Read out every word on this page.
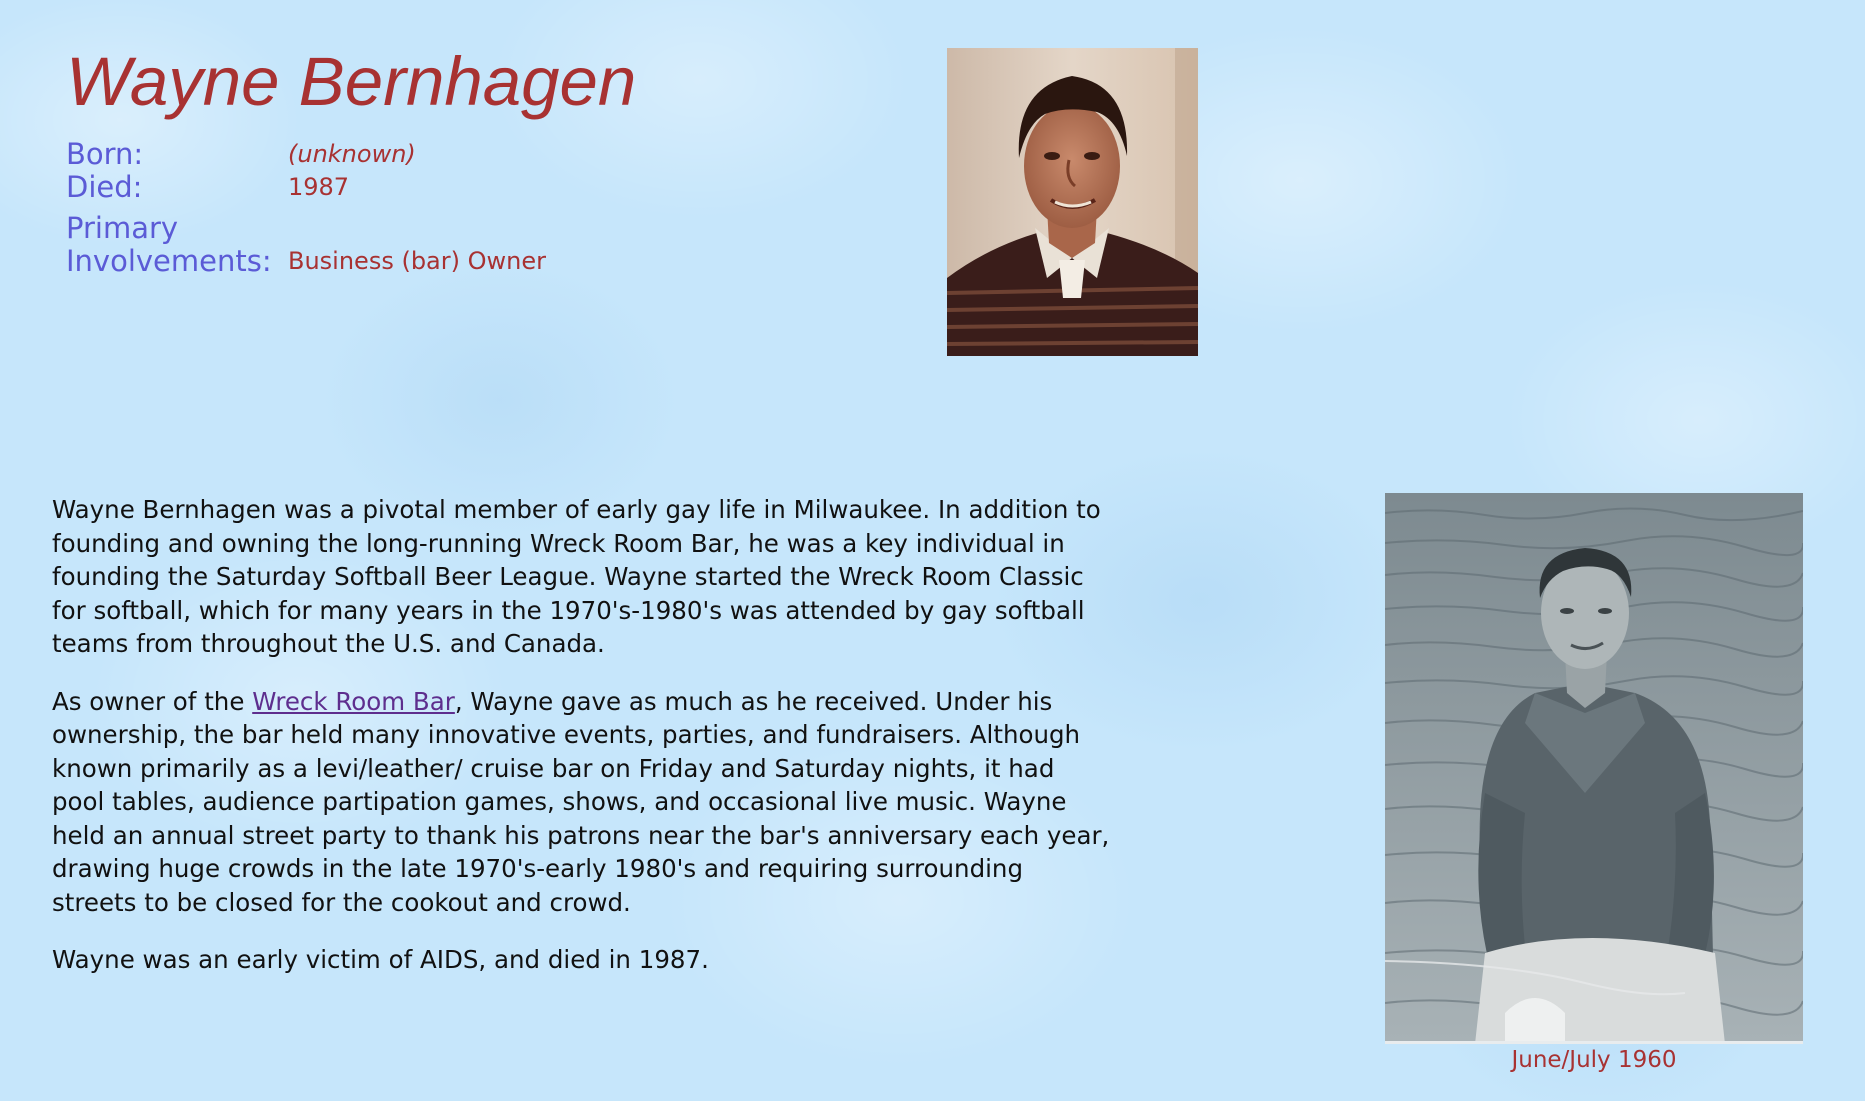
Wayne Bernhagen
Born:	(unknown)
Died:	1987
Primary
Involvements:	Business (bar) Owner

Wayne Bernhagen was a pivotal member of early gay life in Milwaukee. In addition to
founding and owning the long-running Wreck Room Bar, he was a key individual in
founding the Saturday Softball Beer League. Wayne started the Wreck Room Classic
for softball, which for many years in the 1970's-1980's was attended by gay softball
teams from throughout the U.S. and Canada.

As owner of the Wreck Room Bar, Wayne gave as much as he received. Under his
ownership, the bar held many innovative events, parties, and fundraisers. Although
known primarily as a levi/leather/ cruise bar on Friday and Saturday nights, it had
pool tables, audience partipation games, shows, and occasional live music. Wayne
held an annual street party to thank his patrons near the bar's anniversary each year,
drawing huge crowds in the late 1970's-early 1980's and requiring surrounding
streets to be closed for the cookout and crowd.

Wayne was an early victim of AIDS, and died in 1987.

June/July 1960
